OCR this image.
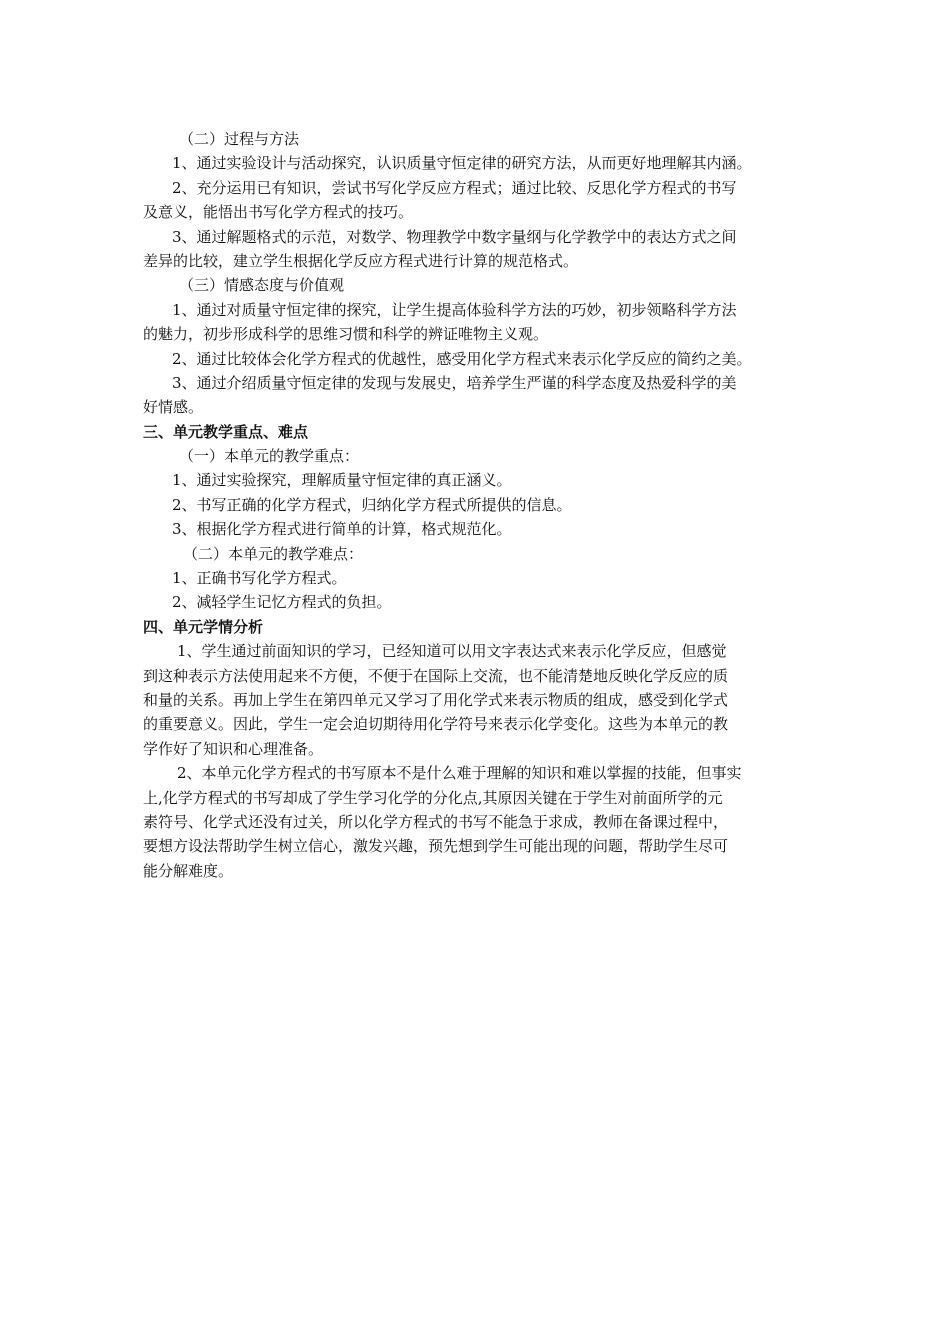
（二）过程与方法

1、通过实验设计与活动探究，认识质量守恒定律的研究方法，从而更好地理解其内涵。

2、充分运用已有知识，尝试书写化学反应方程式；通过比较、反思化学方程式的书写

及意义，能悟出书写化学方程式的技巧。

3、通过解题格式的示范，对数学、物理教学中数字量纲与化学教学中的表达方式之间

差异的比较，建立学生根据化学反应方程式进行计算的规范格式。

（三）情感态度与价值观

1、通过对质量守恒定律的探究，让学生提高体验科学方法的巧妙，初步领略科学方法

的魅力，初步形成科学的思维习惯和科学的辨证唯物主义观。

2、通过比较体会化学方程式的优越性，感受用化学方程式来表示化学反应的简约之美。

3、通过介绍质量守恒定律的发现与发展史，培养学生严谨的科学态度及热爱科学的美

好情感。

三、单元教学重点、难点

（一）本单元的教学重点：

1、通过实验探究，理解质量守恒定律的真正涵义。

2、书写正确的化学方程式，归纳化学方程式所提供的信息。

3、根据化学方程式进行简单的计算，格式规范化。

（二）本单元的教学难点：

1、正确书写化学方程式。

2、减轻学生记忆方程式的负担。

四、单元学情分析

1、学生通过前面知识的学习，已经知道可以用文字表达式来表示化学反应，但感觉

到这种表示方法使用起来不方便，不便于在国际上交流，也不能清楚地反映化学反应的质

和量的关系。再加上学生在第四单元又学习了用化学式来表示物质的组成，感受到化学式

的重要意义。因此，学生一定会迫切期待用化学符号来表示化学变化。这些为本单元的教

学作好了知识和心理准备。

2、本单元化学方程式的书写原本不是什么难于理解的知识和难以掌握的技能，但事实

上,化学方程式的书写却成了学生学习化学的分化点,其原因关键在于学生对前面所学的元

素符号、化学式还没有过关，所以化学方程式的书写不能急于求成，教师在备课过程中，

要想方设法帮助学生树立信心，激发兴趣，预先想到学生可能出现的问题，帮助学生尽可

能分解难度。
